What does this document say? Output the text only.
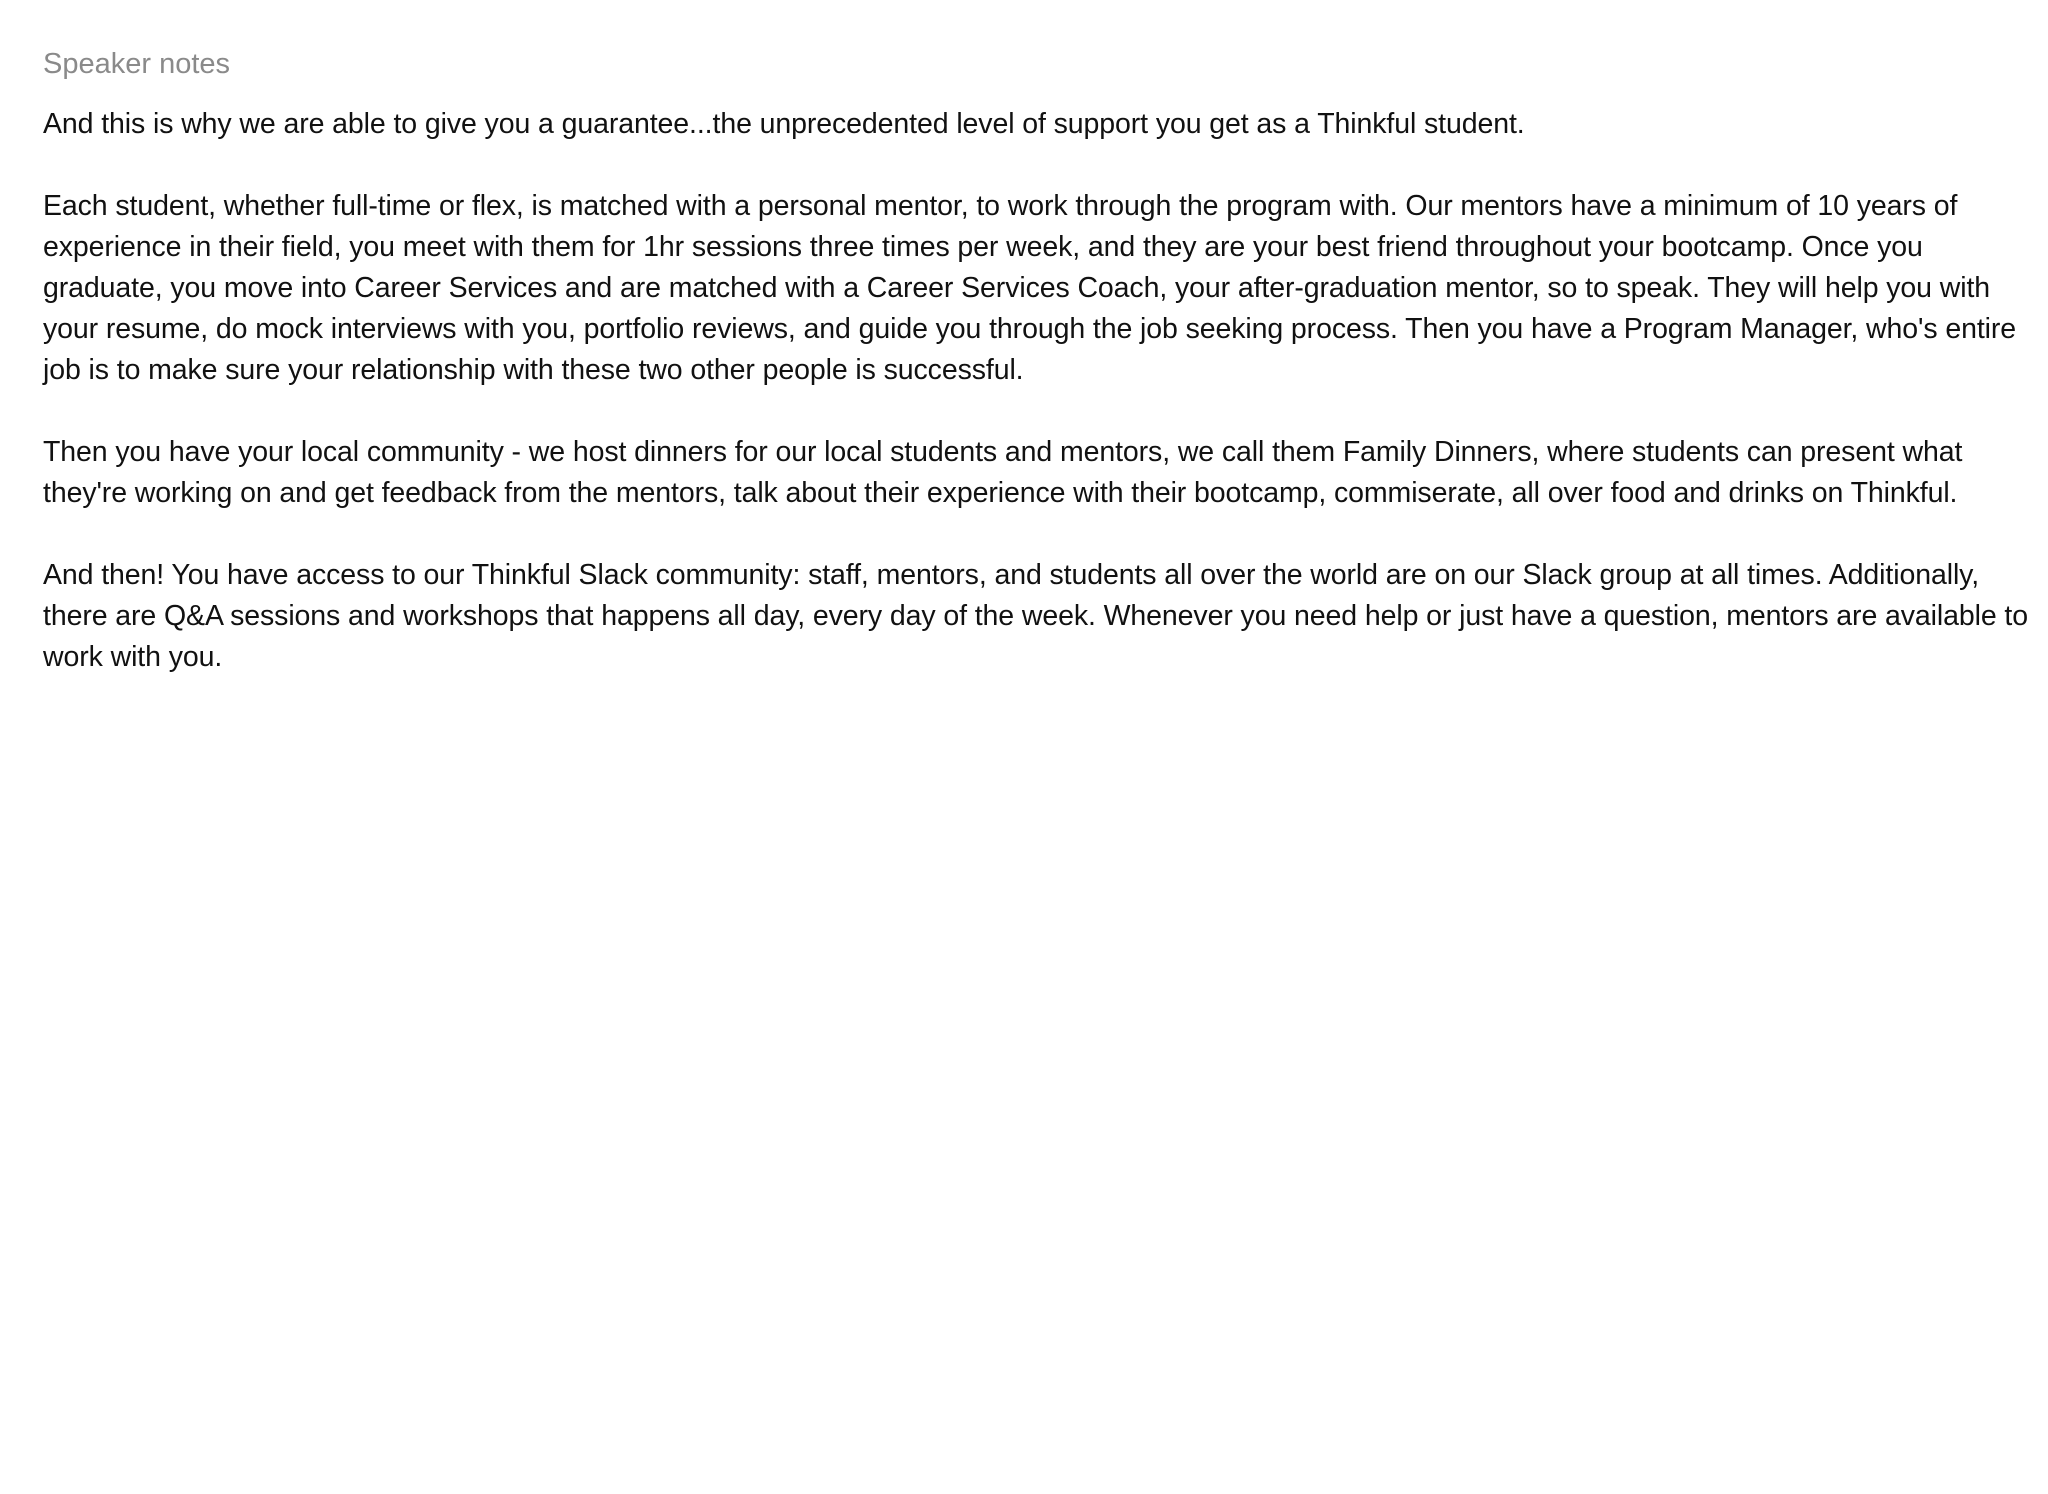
Speaker notes

And this is why we are able to give you a guarantee...the unprecedented level of support you get as a Thinkful student.

Each student, whether full-time or flex, is matched with a personal mentor, to work through the program with. Our mentors have a minimum of 10 years of experience in their field, you meet with them for 1hr sessions three times per week, and they are your best friend throughout your bootcamp. Once you graduate, you move into Career Services and are matched with a Career Services Coach, your after-graduation mentor, so to speak. They will help you with your resume, do mock interviews with you, portfolio reviews, and guide you through the job seeking process. Then you have a Program Manager, who's entire job is to make sure your relationship with these two other people is successful.

Then you have your local community - we host dinners for our local students and mentors, we call them Family Dinners, where students can present what they're working on and get feedback from the mentors, talk about their experience with their bootcamp, commiserate, all over food and drinks on Thinkful.

And then! You have access to our Thinkful Slack community: staff, mentors, and students all over the world are on our Slack group at all times. Additionally, there are Q&A sessions and workshops that happens all day, every day of the week. Whenever you need help or just have a question, mentors are available to work with you.
